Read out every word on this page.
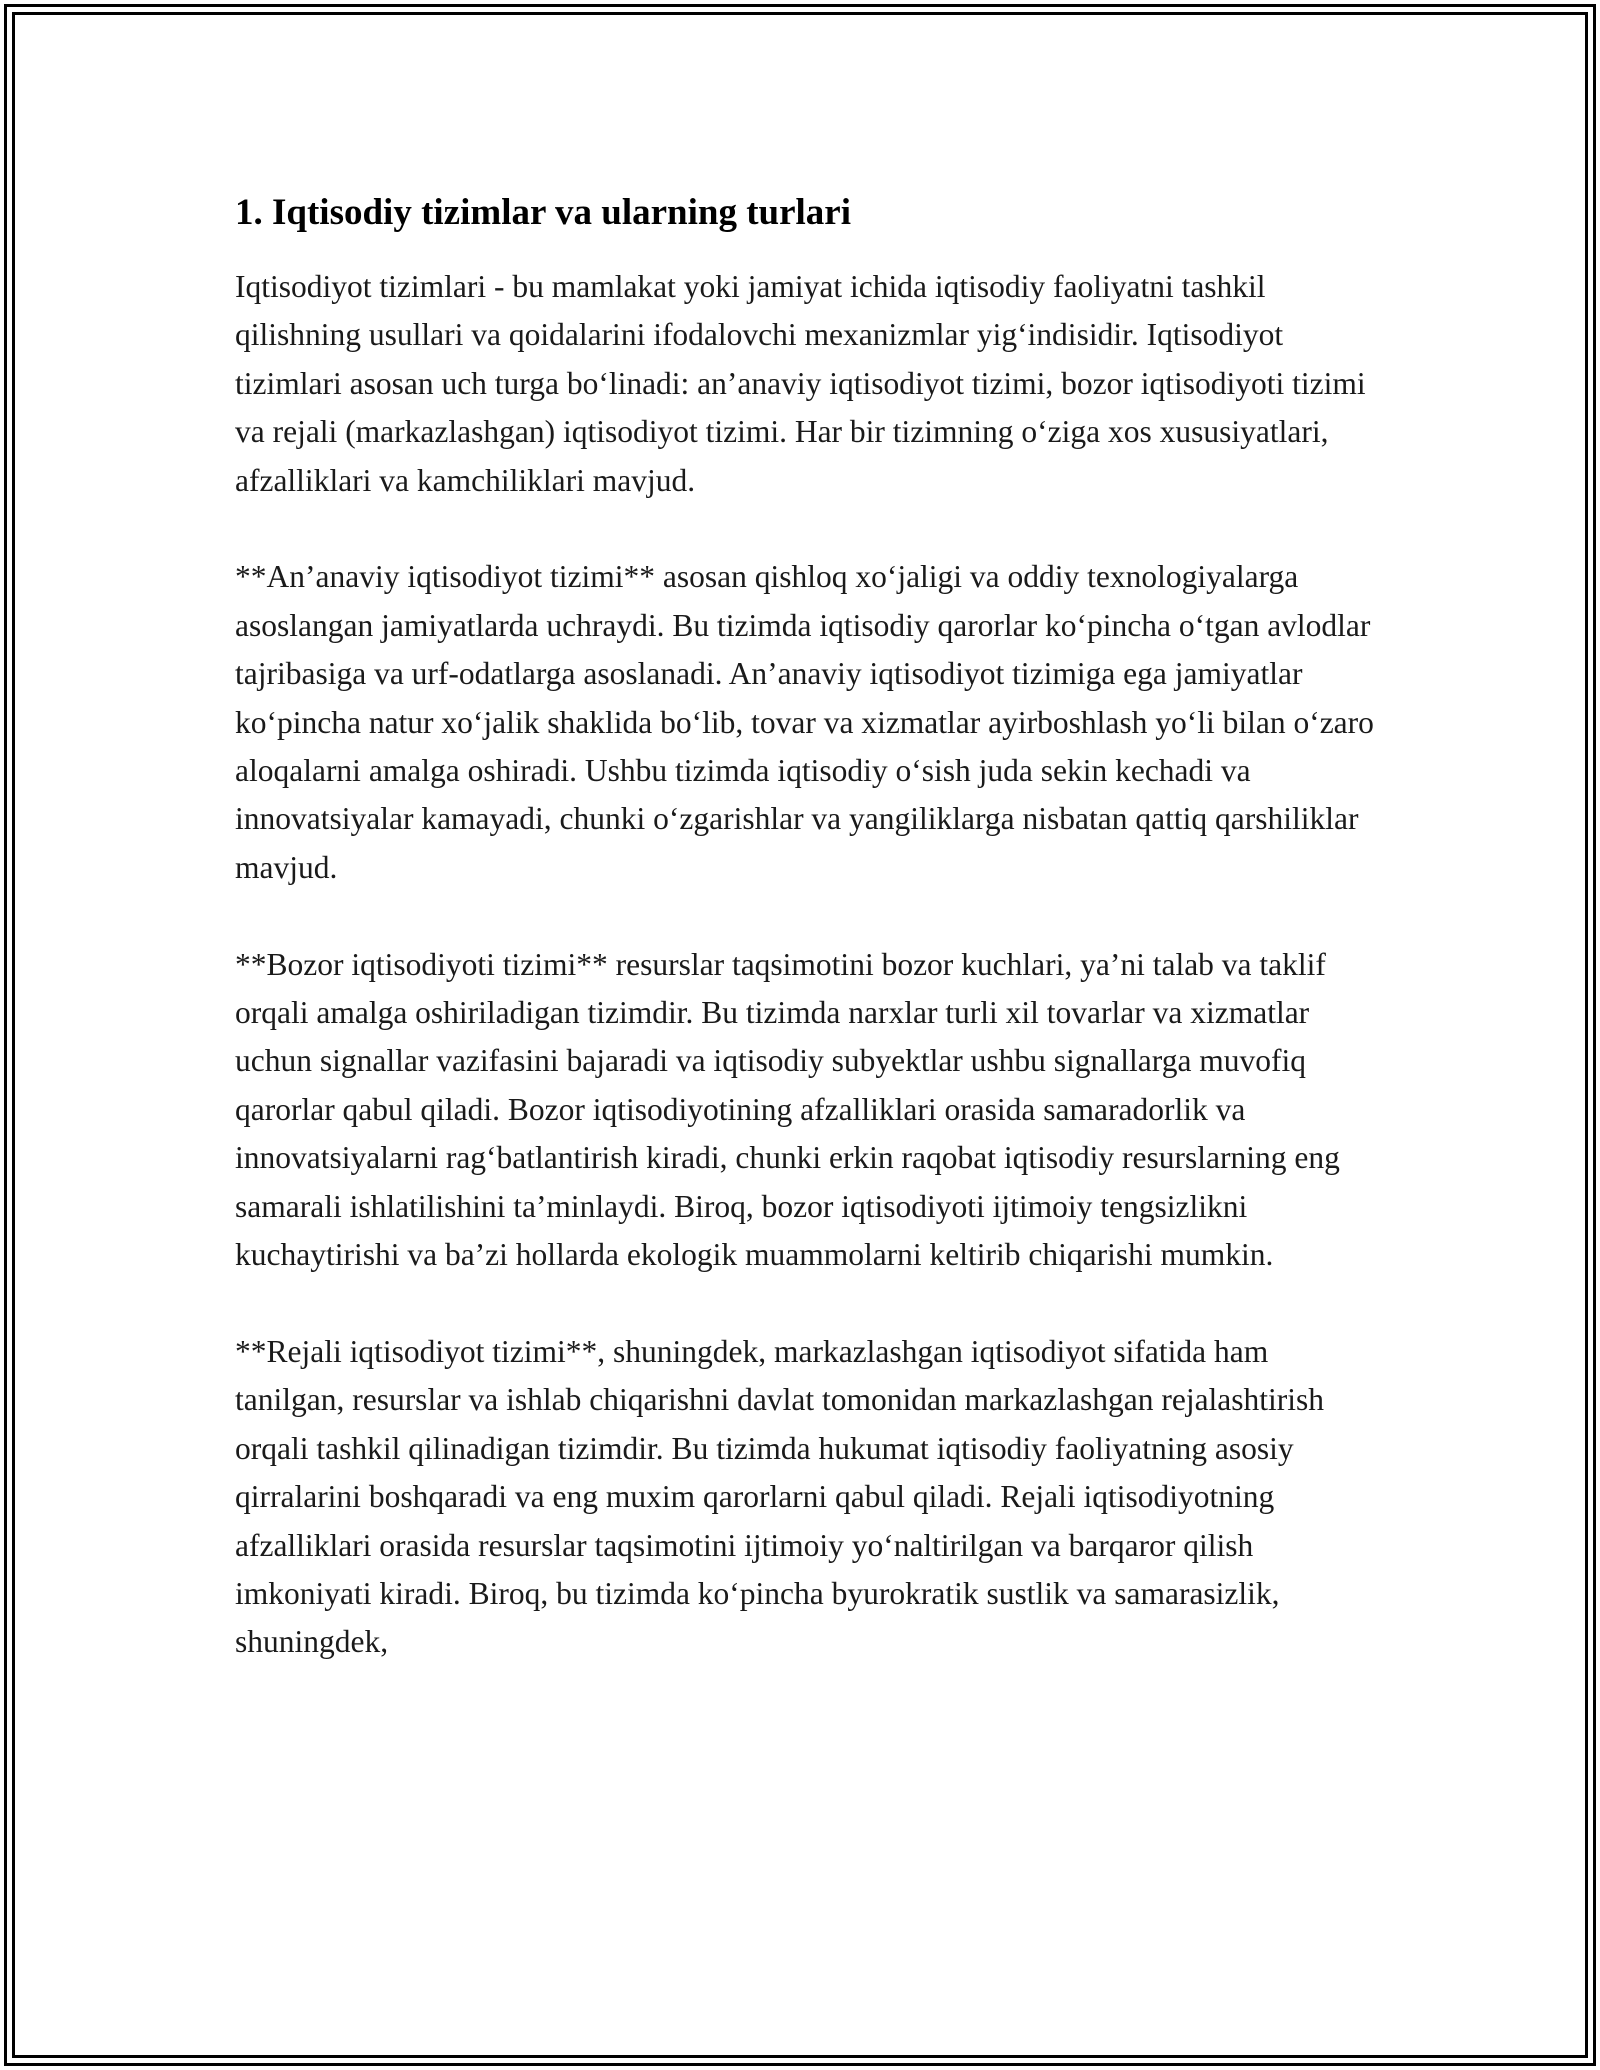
1. Iqtisodiy tizimlar va ularning turlari

Iqtisodiyot tizimlari - bu mamlakat yoki jamiyat ichida iqtisodiy faoliyatni tashkil qilishning usullari va qoidalarini ifodalovchi mexanizmlar yig‘indisidir. Iqtisodiyot tizimlari asosan uch turga bo‘linadi: an’anaviy iqtisodiyot tizimi, bozor iqtisodiyoti tizimi va rejali (markazlashgan) iqtisodiyot tizimi. Har bir tizimning o‘ziga xos xususiyatlari, afzalliklari va kamchiliklari mavjud.

**An’anaviy iqtisodiyot tizimi** asosan qishloq xo‘jaligi va oddiy texnologiyalarga asoslangan jamiyatlarda uchraydi. Bu tizimda iqtisodiy qarorlar ko‘pincha o‘tgan avlodlar tajribasiga va urf-odatlarga asoslanadi. An’anaviy iqtisodiyot tizimiga ega jamiyatlar ko‘pincha natur xo‘jalik shaklida bo‘lib, tovar va xizmatlar ayirboshlash yo‘li bilan o‘zaro aloqalarni amalga oshiradi. Ushbu tizimda iqtisodiy o‘sish juda sekin kechadi va innovatsiyalar kamayadi, chunki o‘zgarishlar va yangiliklarga nisbatan qattiq qarshiliklar mavjud.

**Bozor iqtisodiyoti tizimi** resurslar taqsimotini bozor kuchlari, ya’ni talab va taklif orqali amalga oshiriladigan tizimdir. Bu tizimda narxlar turli xil tovarlar va xizmatlar uchun signallar vazifasini bajaradi va iqtisodiy subyektlar ushbu signallarga muvofiq qarorlar qabul qiladi. Bozor iqtisodiyotining afzalliklari orasida samaradorlik va innovatsiyalarni rag‘batlantirish kiradi, chunki erkin raqobat iqtisodiy resurslarning eng samarali ishlatilishini ta’minlaydi. Biroq, bozor iqtisodiyoti ijtimoiy tengsizlikni kuchaytirishi va ba’zi hollarda ekologik muammolarni keltirib chiqarishi mumkin.

**Rejali iqtisodiyot tizimi**, shuningdek, markazlashgan iqtisodiyot sifatida ham tanilgan, resurslar va ishlab chiqarishni davlat tomonidan markazlashgan rejalashtirish orqali tashkil qilinadigan tizimdir. Bu tizimda hukumat iqtisodiy faoliyatning asosiy qirralarini boshqaradi va eng muxim qarorlarni qabul qiladi. Rejali iqtisodiyotning afzalliklari orasida resurslar taqsimotini ijtimoiy yo‘naltirilgan va barqaror qilish imkoniyati kiradi. Biroq, bu tizimda ko‘pincha byurokratik sustlik va samarasizlik, shuningdek,
